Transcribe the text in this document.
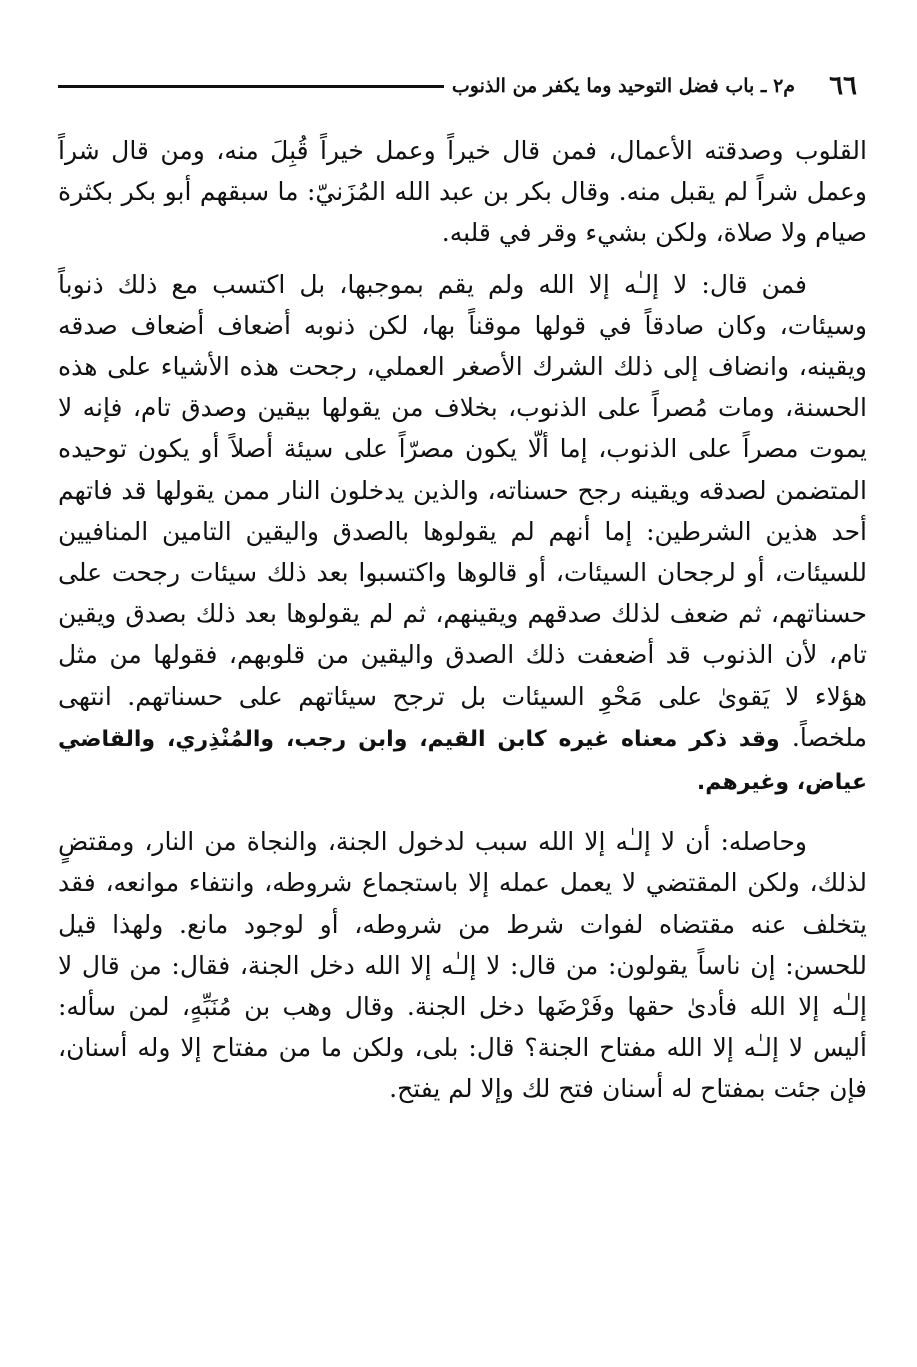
٦٦
م٢ ـ باب فضل التوحيد وما يكفر من الذنوب

القلوب وصدقته الأعمال، فمن قال خيراً وعمل خيراً قُبِلَ منه، ومن قال شراً وعمل شراً لم يقبل منه. وقال بكر بن عبد الله المُزَنيّ: ما سبقهم أبو بكر بكثرة صيام ولا صلاة، ولكن بشيء وقر في قلبه.

فمن قال: لا إلـٰه إلا الله ولم يقم بموجبها، بل اكتسب مع ذلك ذنوباً وسيئات، وكان صادقاً في قولها موقناً بها، لكن ذنوبه أضعاف أضعاف صدقه ويقينه، وانضاف إلى ذلك الشرك الأصغر العملي، رجحت هذه الأشياء على هذه الحسنة، ومات مُصراً على الذنوب، بخلاف من يقولها بيقين وصدق تام، فإنه لا يموت مصراً على الذنوب، إما ألّا يكون مصرّاً على سيئة أصلاً أو يكون توحيده المتضمن لصدقه ويقينه رجح حسناته، والذين يدخلون النار ممن يقولها قد فاتهم أحد هذين الشرطين: إما أنهم لم يقولوها بالصدق واليقين التامين المنافيين للسيئات، أو لرجحان السيئات، أو قالوها واكتسبوا بعد ذلك سيئات رجحت على حسناتهم، ثم ضعف لذلك صدقهم ويقينهم، ثم لم يقولوها بعد ذلك بصدق ويقين تام، لأن الذنوب قد أضعفت ذلك الصدق واليقين من قلوبهم، فقولها من مثل هؤلاء لا يَقوىٰ على مَحْوِ السيئات بل ترجح سيئاتهم على حسناتهم. انتهى ملخصاً. وقد ذكر معناه غيره كابن القيم، وابن رجب، والمُنْذِري، والقاضي عياض، وغيرهم.

وحاصله: أن لا إلـٰه إلا الله سبب لدخول الجنة، والنجاة من النار، ومقتضٍ لذلك، ولكن المقتضي لا يعمل عمله إلا باستجماع شروطه، وانتفاء موانعه، فقد يتخلف عنه مقتضاه لفوات شرط من شروطه، أو لوجود مانع. ولهذا قيل للحسن: إن ناساً يقولون: من قال: لا إلـٰه إلا الله دخل الجنة، فقال: من قال لا إلـٰه إلا الله فأدىٰ حقها وفَرْضَها دخل الجنة. وقال وهب بن مُنَبِّهٍ، لمن سأله: أليس لا إلـٰه إلا الله مفتاح الجنة؟ قال: بلى، ولكن ما من مفتاح إلا وله أسنان، فإن جئت بمفتاح له أسنان فتح لك وإلا لم يفتح.
